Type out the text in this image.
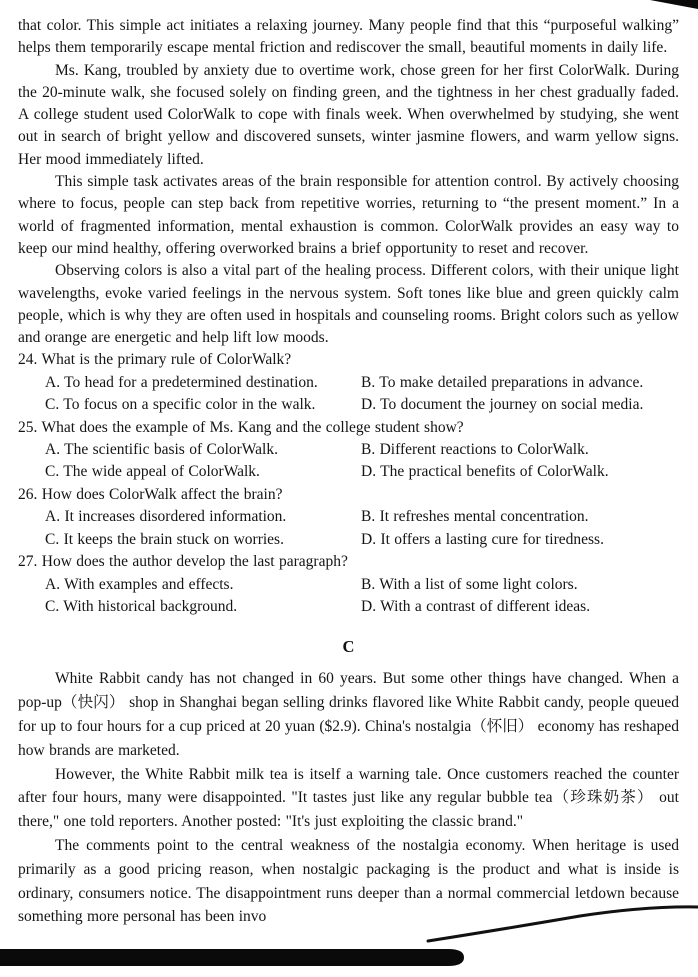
that color. This simple act initiates a relaxing journey. Many people find that this “purposeful walking” helps them temporarily escape mental friction and rediscover the small, beautiful moments in daily life.

Ms. Kang, troubled by anxiety due to overtime work, chose green for her first ColorWalk. During the 20-minute walk, she focused solely on finding green, and the tightness in her chest gradually faded. A college student used ColorWalk to cope with finals week. When overwhelmed by studying, she went out in search of bright yellow and discovered sunsets, winter jasmine flowers, and warm yellow signs. Her mood immediately lifted.

This simple task activates areas of the brain responsible for attention control. By actively choosing where to focus, people can step back from repetitive worries, returning to “the present moment.” In a world of fragmented information, mental exhaustion is common. ColorWalk provides an easy way to keep our mind healthy, offering overworked brains a brief opportunity to reset and recover.

Observing colors is also a vital part of the healing process. Different colors, with their unique light wavelengths, evoke varied feelings in the nervous system. Soft tones like blue and green quickly calm people, which is why they are often used in hospitals and counseling rooms. Bright colors such as yellow and orange are energetic and help lift low moods.

24. What is the primary rule of ColorWalk?
A. To head for a predetermined destination.	B. To make detailed preparations in advance.
C. To focus on a specific color in the walk.	D. To document the journey on social media.
25. What does the example of Ms. Kang and the college student show?
A. The scientific basis of ColorWalk.	B. Different reactions to ColorWalk.
C. The wide appeal of ColorWalk.	D. The practical benefits of ColorWalk.
26. How does ColorWalk affect the brain?
A. It increases disordered information.	B. It refreshes mental concentration.
C. It keeps the brain stuck on worries.	D. It offers a lasting cure for tiredness.
27. How does the author develop the last paragraph?
A. With examples and effects.	B. With a list of some light colors.
C. With historical background.	D. With a contrast of different ideas.
C

White Rabbit candy has not changed in 60 years. But some other things have changed. When a pop-up（快闪） shop in Shanghai began selling drinks flavored like White Rabbit candy, people queued for up to four hours for a cup priced at 20 yuan ($2.9). China's nostalgia（怀旧） economy has reshaped how brands are marketed.

However, the White Rabbit milk tea is itself a warning tale. Once customers reached the counter after four hours, many were disappointed. "It tastes just like any regular bubble tea（珍珠奶茶） out there," one told reporters. Another posted: "It's just exploiting the classic brand."

The comments point to the central weakness of the nostalgia economy. When heritage is used primarily as a good pricing reason, when nostalgic packaging is the product and what is inside is ordinary, consumers notice. The disappointment runs deeper than a normal commercial letdown because something more personal has been invo
